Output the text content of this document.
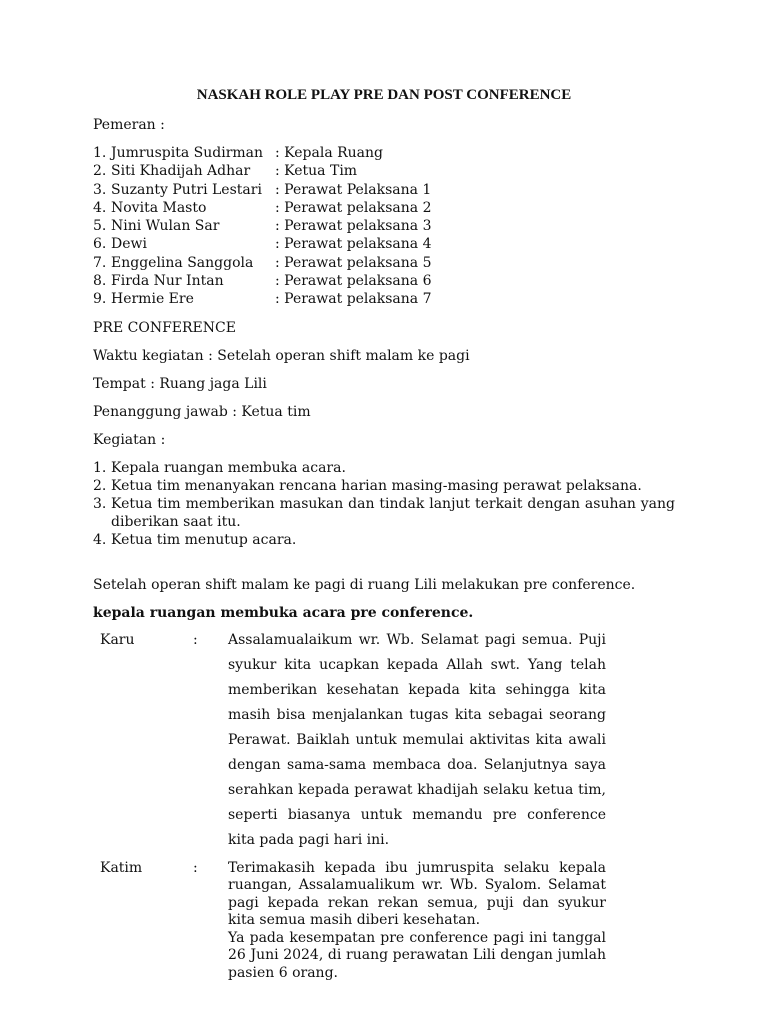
NASKAH ROLE PLAY PRE DAN POST CONFERENCE

Pemeran :

1. Jumruspita Sudirman : Kepala Ruang
2. Siti Khadijah Adhar	: Ketua Tim
3. Suzanty Putri Lestari : Perawat Pelaksana 1
4. Novita Masto	: Perawat pelaksana 2
5. Nini Wulan Sar	: Perawat pelaksana 3
6. Dewi	: Perawat pelaksana 4
7. Enggelina Sanggola	: Perawat pelaksana 5
8. Firda Nur Intan	: Perawat pelaksana 6
9. Hermie Ere	: Perawat pelaksana 7

PRE CONFERENCE

Waktu kegiatan : Setelah operan shift malam ke pagi

Tempat : Ruang jaga Lili

Penanggung jawab : Ketua tim

Kegiatan :

1. Kepala ruangan membuka acara.
2. Ketua tim menanyakan rencana harian masing-masing perawat pelaksana.
3. Ketua tim memberikan masukan dan tindak lanjut terkait dengan asuhan yang diberikan saat itu.
4. Ketua tim menutup acara.

Setelah operan shift malam ke pagi di ruang Lili melakukan pre conference.

kepala ruangan membuka acara pre conference.

Karu	:	Assalamualaikum wr. Wb. Selamat pagi semua. Puji syukur kita ucapkan kepada Allah swt. Yang telah memberikan kesehatan kepada kita sehingga kita masih bisa menjalankan tugas kita sebagai seorang Perawat. Baiklah untuk memulai aktivitas kita awali dengan sama-sama membaca doa. Selanjutnya saya serahkan kepada perawat khadijah selaku ketua tim, seperti biasanya untuk memandu pre conference kita pada pagi hari ini.
Katim	:	Terimakasih kepada ibu jumruspita selaku kepala ruangan, Assalamualikum wr. Wb. Syalom. Selamat pagi kepada rekan rekan semua, puji dan syukur kita semua masih diberi kesehatan.
Ya pada kesempatan pre conference pagi ini tanggal 26 Juni 2024, di ruang perawatan Lili dengan jumlah pasien 6 orang.
